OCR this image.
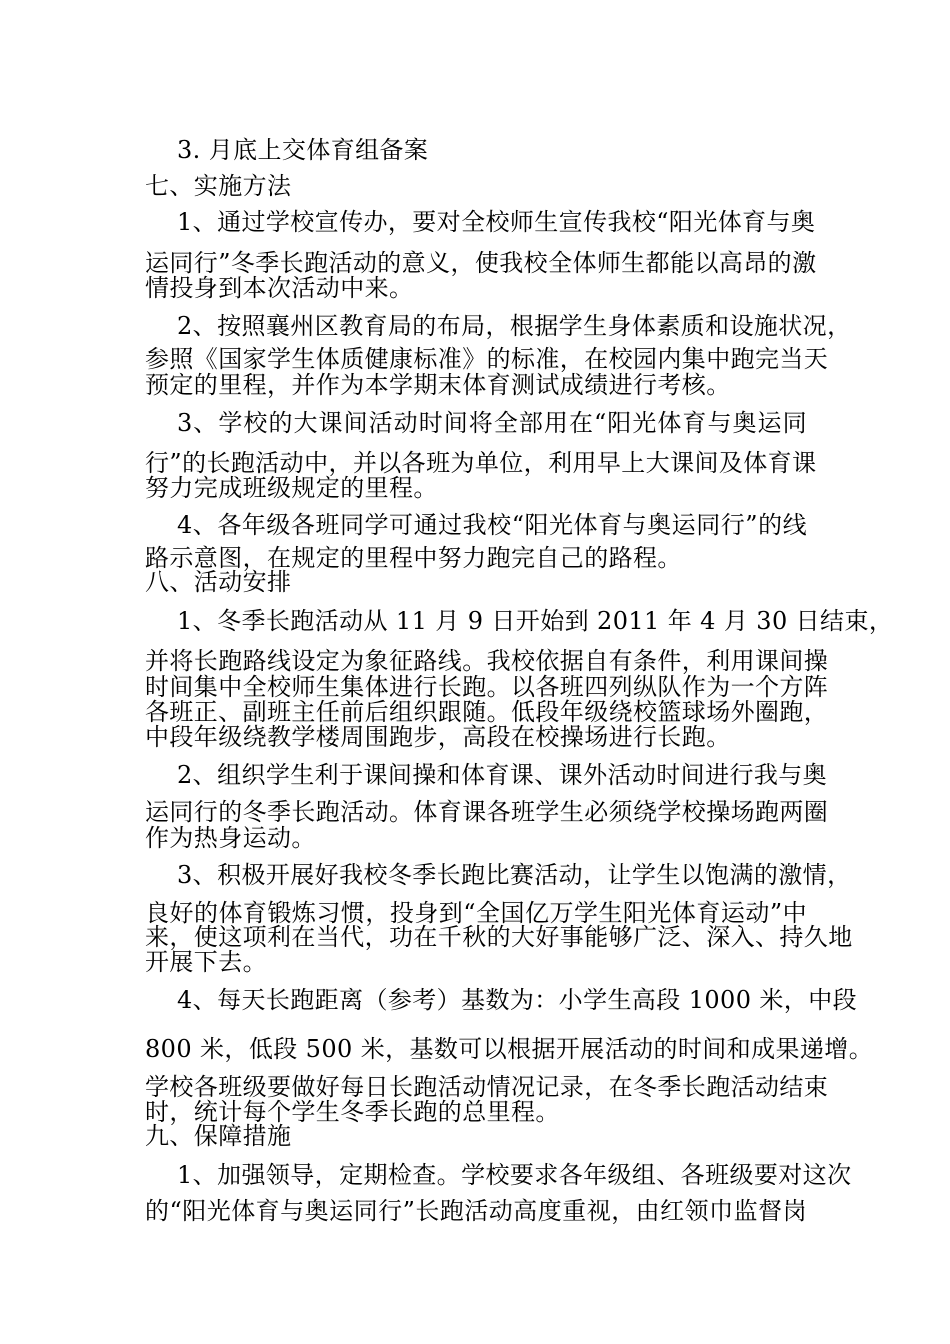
3. 月底上交体育组备案
七、实施方法
1、通过学校宣传办，要对全校师生宣传我校“阳光体育与奥
运同行”冬季长跑活动的意义，使我校全体师生都能以高昂的激
情投身到本次活动中来。
2、按照襄州区教育局的布局，根据学生身体素质和设施状况，
参照《国家学生体质健康标准》的标准，在校园内集中跑完当天
预定的里程，并作为本学期末体育测试成绩进行考核。
3、学校的大课间活动时间将全部用在“阳光体育与奥运同
行”的长跑活动中，并以各班为单位，利用早上大课间及体育课
努力完成班级规定的里程。
4、各年级各班同学可通过我校“阳光体育与奥运同行”的线
路示意图，在规定的里程中努力跑完自己的路程。
八、活动安排
1、冬季长跑活动从 11 月 9 日开始到 2011 年 4 月 30 日结束，
并将长跑路线设定为象征路线。我校依据自有条件，利用课间操
时间集中全校师生集体进行长跑。以各班四列纵队作为一个方阵
各班正、副班主任前后组织跟随。低段年级绕校篮球场外圈跑，
中段年级绕教学楼周围跑步，高段在校操场进行长跑。
2、组织学生利于课间操和体育课、课外活动时间进行我与奥
运同行的冬季长跑活动。体育课各班学生必须绕学校操场跑两圈
作为热身运动。
3、积极开展好我校冬季长跑比赛活动，让学生以饱满的激情，
良好的体育锻炼习惯，投身到“全国亿万学生阳光体育运动”中
来，使这项利在当代，功在千秋的大好事能够广泛、深入、持久地
开展下去。
4、每天长跑距离（参考）基数为：小学生高段 1000 米，中段
800 米，低段 500 米，基数可以根据开展活动的时间和成果递增。
学校各班级要做好每日长跑活动情况记录，在冬季长跑活动结束
时，统计每个学生冬季长跑的总里程。
九、保障措施
1、加强领导，定期检查。学校要求各年级组、各班级要对这次
的“阳光体育与奥运同行”长跑活动高度重视，由红领巾监督岗
